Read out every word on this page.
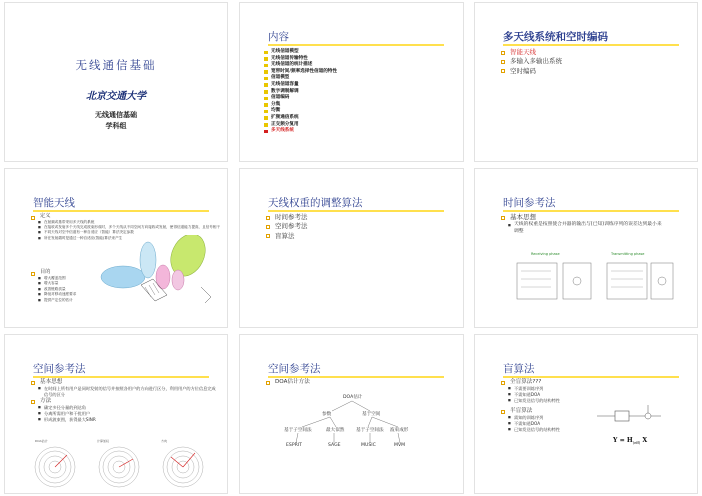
无线通信基础
北京交通大学
无线通信基础
学科组
内容
无线信道模型
无线信道传输特性
无线信道的统计描述
宽带时间/频率选择性信道的特性
信道模型
无线信道容量
数字调制解调
信道编码
分集
均衡
扩频通信系统
正交频分复用
多天线系统
多天线系统和空时编码
智能天线
多输入多输出系统
空时编码
智能天线
定义
■ 在射频或基带采用多天线的系统
■ 在接收或发射多个天线完成波束形成时，多个天线从不同空间方向接收或发射，使得信道能力提高，且信号相干
■ 不同天线对空中信道有一种自适应（智能）算法决定参数
■ 所在发射端时是通过一种自适应(智能)算法来产生
目的
■ 增大覆盖范围
■ 增大容量
■ 改善链路质量
■ 降低对移动速度要求
■ 提供产定位的估计
天线权重的调整算法
时间参考法
空间参考法
盲算法
时间参考法
基本思想
■ 天线的权重是按照使合并器的输出与(已知)训练序列的误差达到最小来调整
Receiving phase	Transmitting phase
空间参考法
基本思想
■ 在时间上所有用户是同时发射的信号并按照各用户的方向进行区分，利用用户的方位信息完成信号的区分
方法
■ 确定多径分量的到达角
■ 分离所需用户和干扰用户
■ 形成波束图，获得最大SINR
DOA估计	计算加权	方向
空间参考法
DOA估计方法
DOA估计
参数	基于空间
基于子空间法	最大似然	基于子空间法 波束成形
ESPRIT	SAGE	MUSIC	MVM
盲算法
全盲算法???
■ 不需要训练序列
■ 不需知道DOA
■ 已知发送信号的结构特性
半盲算法
■ 需知的训练序列
■ 不需知道DOA
■ 已知发送信号的结构特性
$Y = H_{(eff)}$ X
